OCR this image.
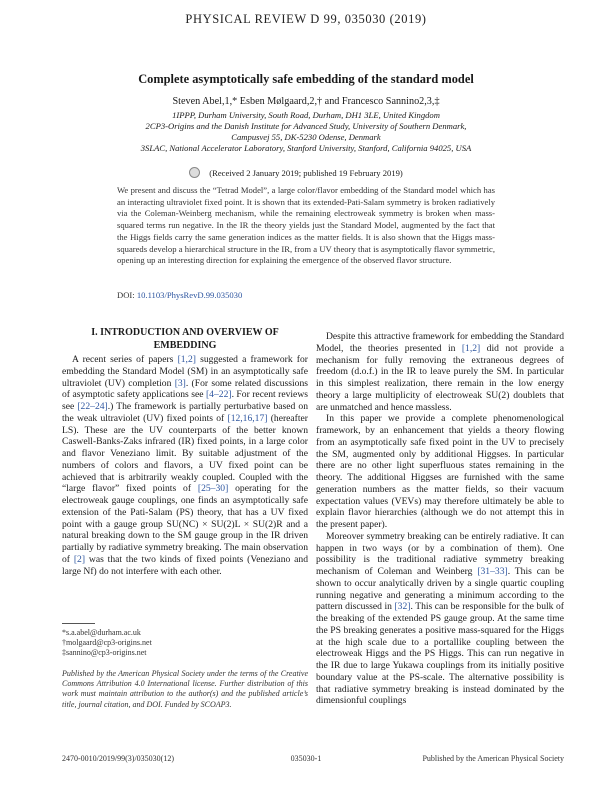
PHYSICAL REVIEW D 99, 035030 (2019)
Complete asymptotically safe embedding of the standard model
Steven Abel,1,* Esben Mølgaard,2,† and Francesco Sannino2,3,‡
1IPPP, Durham University, South Road, Durham, DH1 3LE, United Kingdom
2CP3-Origins and the Danish Institute for Advanced Study, University of Southern Denmark,
Campusvej 55, DK-5230 Odense, Denmark
3SLAC, National Accelerator Laboratory, Stanford University, Stanford, California 94025, USA
(Received 2 January 2019; published 19 February 2019)
We present and discuss the “Tetrad Model”, a large color/flavor embedding of the Standard model which has an interacting ultraviolet fixed point. It is shown that its extended-Pati-Salam symmetry is broken radiatively via the Coleman-Weinberg mechanism, while the remaining electroweak symmetry is broken when mass-squared terms run negative. In the IR the theory yields just the Standard Model, augmented by the fact that the Higgs fields carry the same generation indices as the matter fields. It is also shown that the Higgs mass-squareds develop a hierarchical structure in the IR, from a UV theory that is asymptotically flavor symmetric, opening up an interesting direction for explaining the emergence of the observed flavor structure.
DOI: 10.1103/PhysRevD.99.035030
I. INTRODUCTION AND OVERVIEW OF EMBEDDING

A recent series of papers [1,2] suggested a framework for embedding the Standard Model (SM) in an asymptotically safe ultraviolet (UV) completion [3]. (For some related discussions of asymptotic safety applications see [4–22]. For recent reviews see [22–24].) The framework is partially perturbative based on the weak ultraviolet (UV) fixed points of [12,16,17] (hereafter LS). These are the UV counterparts of the better known Caswell-Banks-Zaks infrared (IR) fixed points, in a large color and flavor Veneziano limit. By suitable adjustment of the numbers of colors and flavors, a UV fixed point can be achieved that is arbitrarily weakly coupled. Coupled with the “large flavor” fixed points of [25–30] operating for the electroweak gauge couplings, one finds an asymptotically safe extension of the Pati-Salam (PS) theory, that has a UV fixed point with a gauge group SU(NC) × SU(2)L × SU(2)R and a natural breaking down to the SM gauge group in the IR driven partially by radiative symmetry breaking. The main observation of [2] was that the two kinds of fixed points (Veneziano and large Nf) do not interfere with each other.

Despite this attractive framework for embedding the Standard Model, the theories presented in [1,2] did not provide a mechanism for fully removing the extraneous degrees of freedom (d.o.f.) in the IR to leave purely the SM. In particular in this simplest realization, there remain in the low energy theory a large multiplicity of electroweak SU(2) doublets that are unmatched and hence massless.

In this paper we provide a complete phenomenological framework, by an enhancement that yields a theory flowing from an asymptotically safe fixed point in the UV to precisely the SM, augmented only by additional Higgses. In particular there are no other light superfluous states remaining in the theory. The additional Higgses are furnished with the same generation numbers as the matter fields, so their vacuum expectation values (VEVs) may therefore ultimately be able to explain flavor hierarchies (although we do not attempt this in the present paper).

Moreover symmetry breaking can be entirely radiative. It can happen in two ways (or by a combination of them). One possibility is the traditional radiative symmetry breaking mechanism of Coleman and Weinberg [31–33]. This can be shown to occur analytically driven by a single quartic coupling running negative and generating a minimum according to the pattern discussed in [32]. This can be responsible for the bulk of the breaking of the extended PS gauge group. At the same time the PS breaking generates a positive mass-squared for the Higgs at the high scale due to a portallike coupling between the electroweak Higgs and the PS Higgs. This can run negative in the IR due to large Yukawa couplings from its initially positive boundary value at the PS-scale. The alternative possibility is that radiative symmetry breaking is instead dominated by the dimensionful couplings

*s.a.abel@durham.ac.uk
†molgaard@cp3-origins.net
‡sannino@cp3-origins.net
Published by the American Physical Society under the terms of the Creative Commons Attribution 4.0 International license. Further distribution of this work must maintain attribution to the author(s) and the published article’s title, journal citation, and DOI. Funded by SCOAP3.
2470-0010/2019/99(3)/035030(12)	035030-1	Published by the American Physical Society
